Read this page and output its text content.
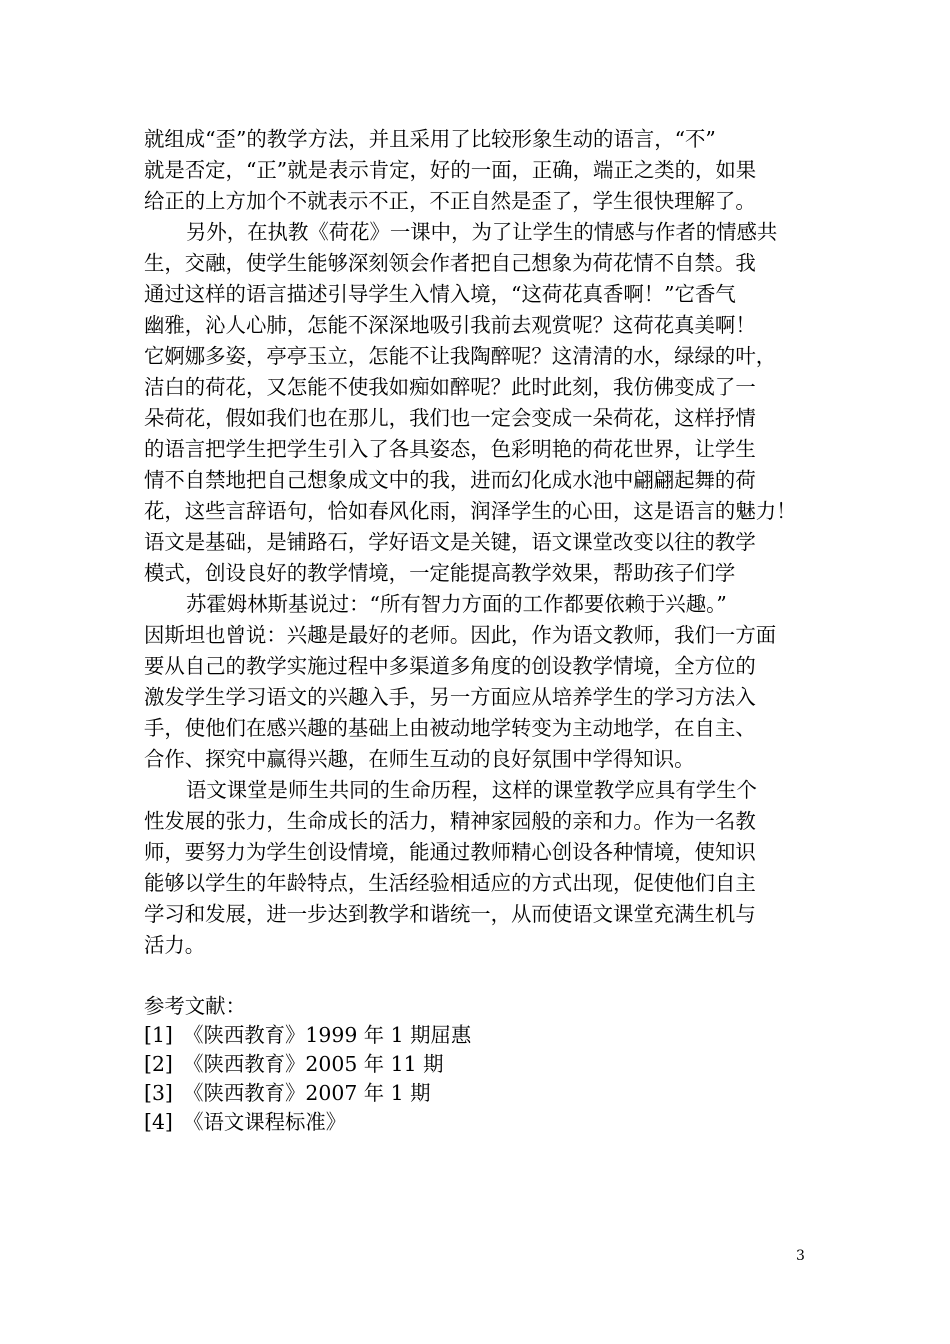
就组成“歪”的教学方法，并且采用了比较形象生动的语言，“不”
就是否定，“正”就是表示肯定，好的一面，正确，端正之类的，如果
给正的上方加个不就表示不正，不正自然是歪了，学生很快理解了。
另外，在执教《荷花》一课中，为了让学生的情感与作者的情感共
生，交融，使学生能够深刻领会作者把自己想象为荷花情不自禁。我
通过这样的语言描述引导学生入情入境，“这荷花真香啊！”它香气
幽雅，沁人心肺，怎能不深深地吸引我前去观赏呢？这荷花真美啊！
它婀娜多姿，亭亭玉立，怎能不让我陶醉呢？这清清的水，绿绿的叶，
洁白的荷花，又怎能不使我如痴如醉呢？此时此刻，我仿佛变成了一
朵荷花，假如我们也在那儿，我们也一定会变成一朵荷花，这样抒情
的语言把学生把学生引入了各具姿态，色彩明艳的荷花世界，让学生
情不自禁地把自己想象成文中的我，进而幻化成水池中翩翩起舞的荷
花，这些言辞语句，恰如春风化雨，润泽学生的心田，这是语言的魅力！
语文是基础，是铺路石，学好语文是关键，语文课堂改变以往的教学
模式，创设良好的教学情境，一定能提高教学效果，帮助孩子们学
苏霍姆林斯基说过：“所有智力方面的工作都要依赖于兴趣。”
因斯坦也曾说：兴趣是最好的老师。因此，作为语文教师，我们一方面
要从自己的教学实施过程中多渠道多角度的创设教学情境，全方位的
激发学生学习语文的兴趣入手，另一方面应从培养学生的学习方法入
手，使他们在感兴趣的基础上由被动地学转变为主动地学，在自主、
合作、探究中赢得兴趣，在师生互动的良好氛围中学得知识。
语文课堂是师生共同的生命历程，这样的课堂教学应具有学生个
性发展的张力，生命成长的活力，精神家园般的亲和力。作为一名教
师，要努力为学生创设情境，能通过教师精心创设各种情境，使知识
能够以学生的年龄特点，生活经验相适应的方式出现，促使他们自主
学习和发展，进一步达到教学和谐统一，从而使语文课堂充满生机与
活力。
参考文献：
[1]　《陕西教育》1999 年 1 期屈惠
[2]　《陕西教育》2005 年 11 期
[3]　《陕西教育》2007 年 1 期
[4]　《语文课程标准》
3
